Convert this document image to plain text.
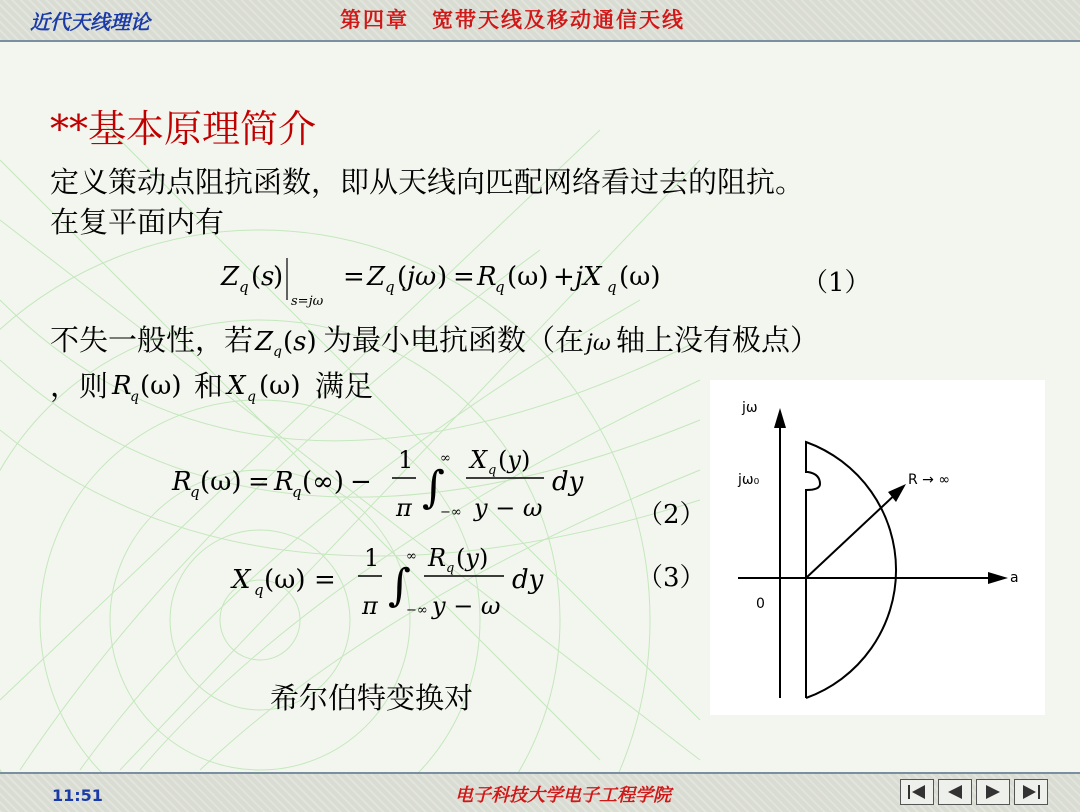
近代天线理论	第四章　宽带天线及移动通信天线
**基本原理简介
定义策动点阻抗函数，即从天线向匹配网络看过去的阻抗。
在复平面内有
Z q ( s
)
s=jω
= Z q ( jω ) = R
q (ω) + jX q (ω)	（1）
不失一般性，若 Z q (s) 为最小电抗函数（在 jω 轴上没有极点）
，则 R
q (ω) 和 X q (ω) 满足
R
q (ω) = R
q (∞) −
1
π ∫
∞
−∞
X q (y)
y − ω
dy
（2）
X q (ω) =
1
π ∫
∞
−∞
R q (y)
y − ω
dy	（3）
希尔伯特变换对
jω
jω₀	R → ∞
a
0
11:51	电子科技大学电子工程学院
